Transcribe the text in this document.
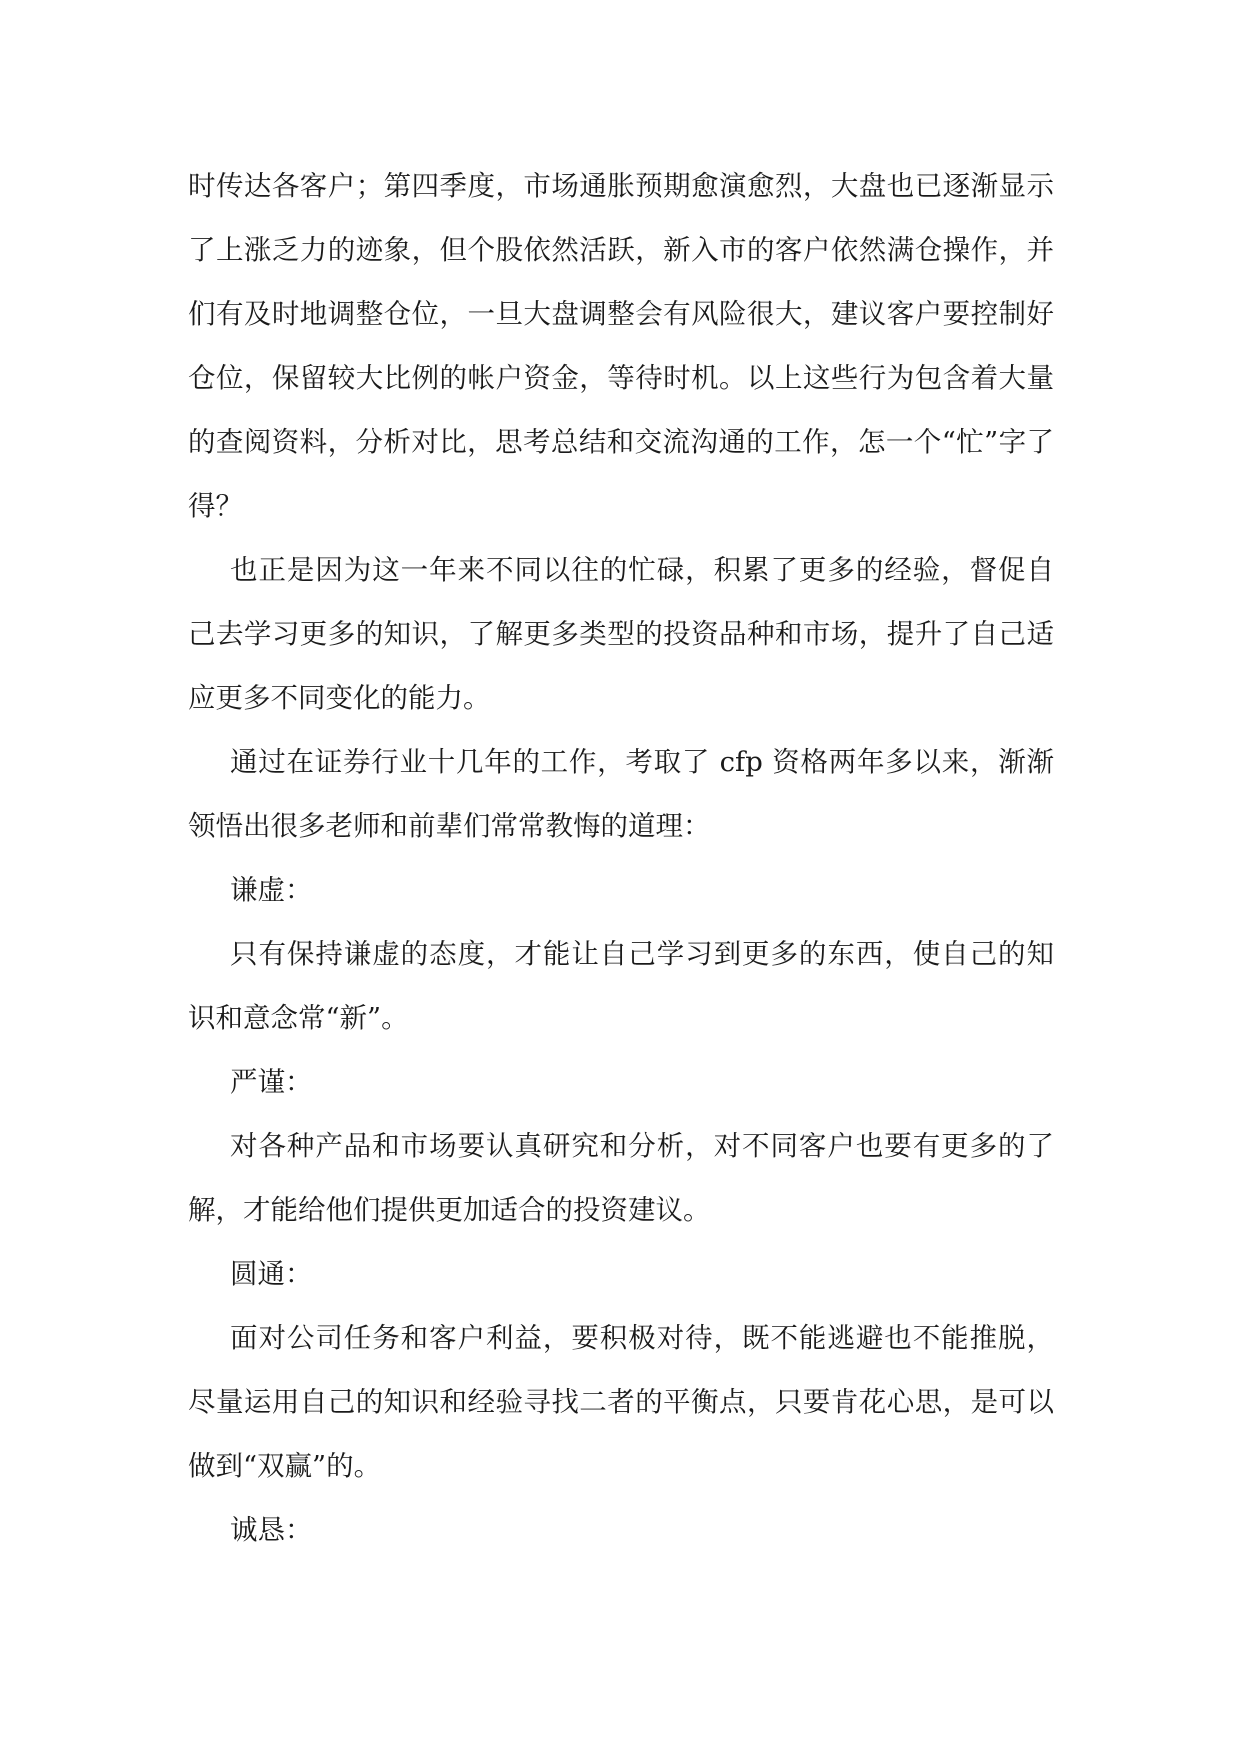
时传达各客户；第四季度，市场通胀预期愈演愈烈，大盘也已逐渐显示了上涨乏力的迹象，但个股依然活跃，新入市的客户依然满仓操作，并们有及时地调整仓位，一旦大盘调整会有风险很大，建议客户要控制好仓位，保留较大比例的帐户资金，等待时机。以上这些行为包含着大量的查阅资料，分析对比，思考总结和交流沟通的工作，怎一个“忙”字了得？

也正是因为这一年来不同以往的忙碌，积累了更多的经验，督促自己去学习更多的知识，了解更多类型的投资品种和市场，提升了自己适应更多不同变化的能力。

通过在证券行业十几年的工作，考取了 cfp 资格两年多以来，渐渐领悟出很多老师和前辈们常常教悔的道理：

谦虚：

只有保持谦虚的态度，才能让自己学习到更多的东西，使自己的知识和意念常“新”。

严谨：

对各种产品和市场要认真研究和分析，对不同客户也要有更多的了解，才能给他们提供更加适合的投资建议。

圆通：

面对公司任务和客户利益，要积极对待，既不能逃避也不能推脱，尽量运用自己的知识和经验寻找二者的平衡点，只要肯花心思，是可以做到“双赢”的。

诚恳：
